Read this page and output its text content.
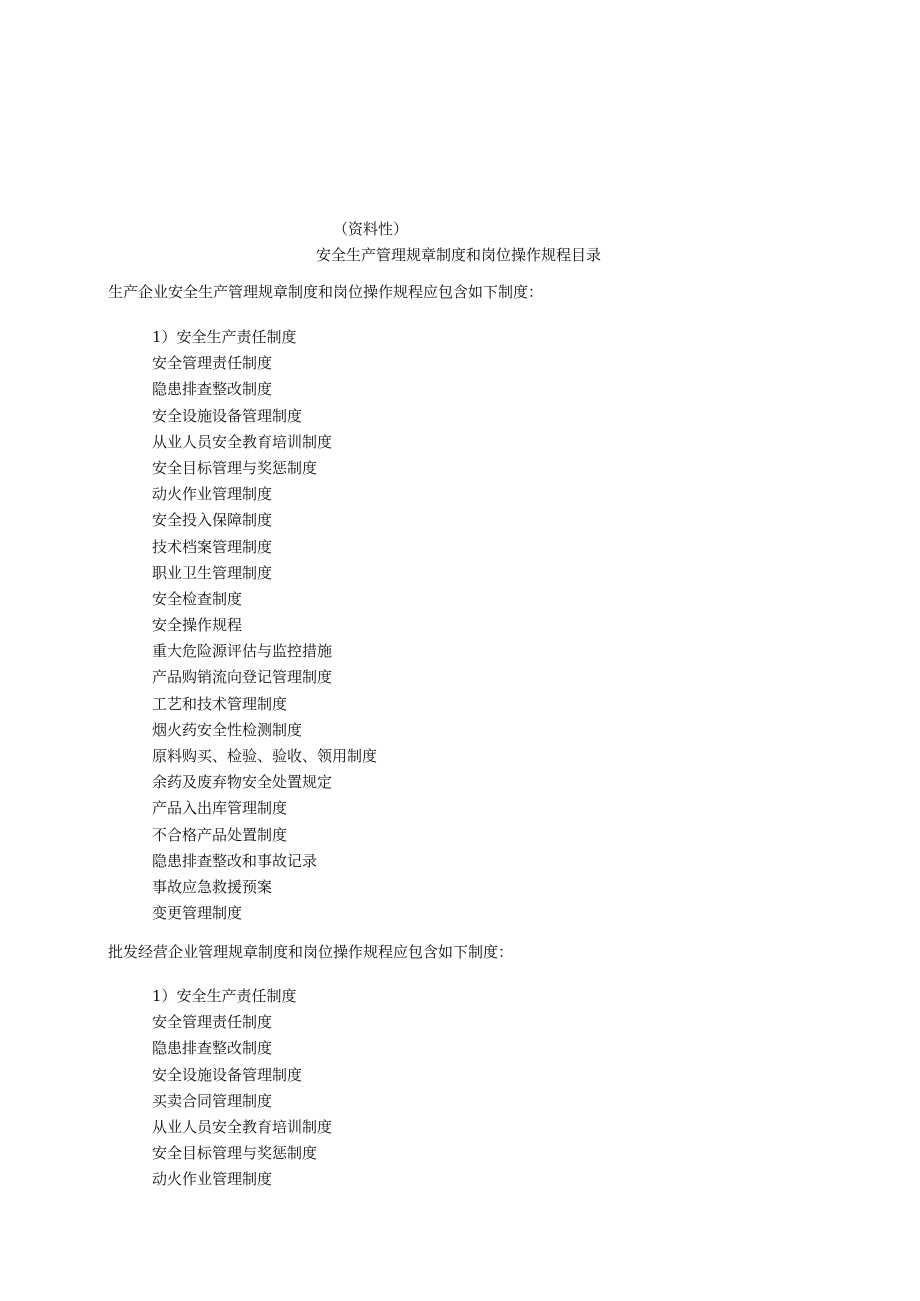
（资料性）
安全生产管理规章制度和岗位操作规程目录
生产企业安全生产管理规章制度和岗位操作规程应包含如下制度：
1）安全生产责任制度
安全管理责任制度
隐患排查整改制度
安全设施设备管理制度
从业人员安全教育培训制度
安全目标管理与奖惩制度
动火作业管理制度
安全投入保障制度
技术档案管理制度
职业卫生管理制度
安全检查制度
安全操作规程
重大危险源评估与监控措施
产品购销流向登记管理制度
工艺和技术管理制度
烟火药安全性检测制度
原料购买、检验、验收、领用制度
余药及废弃物安全处置规定
产品入出库管理制度
不合格产品处置制度
隐患排查整改和事故记录
事故应急救援预案
变更管理制度
批发经营企业管理规章制度和岗位操作规程应包含如下制度：
1）安全生产责任制度
安全管理责任制度
隐患排查整改制度
安全设施设备管理制度
买卖合同管理制度
从业人员安全教育培训制度
安全目标管理与奖惩制度
动火作业管理制度
